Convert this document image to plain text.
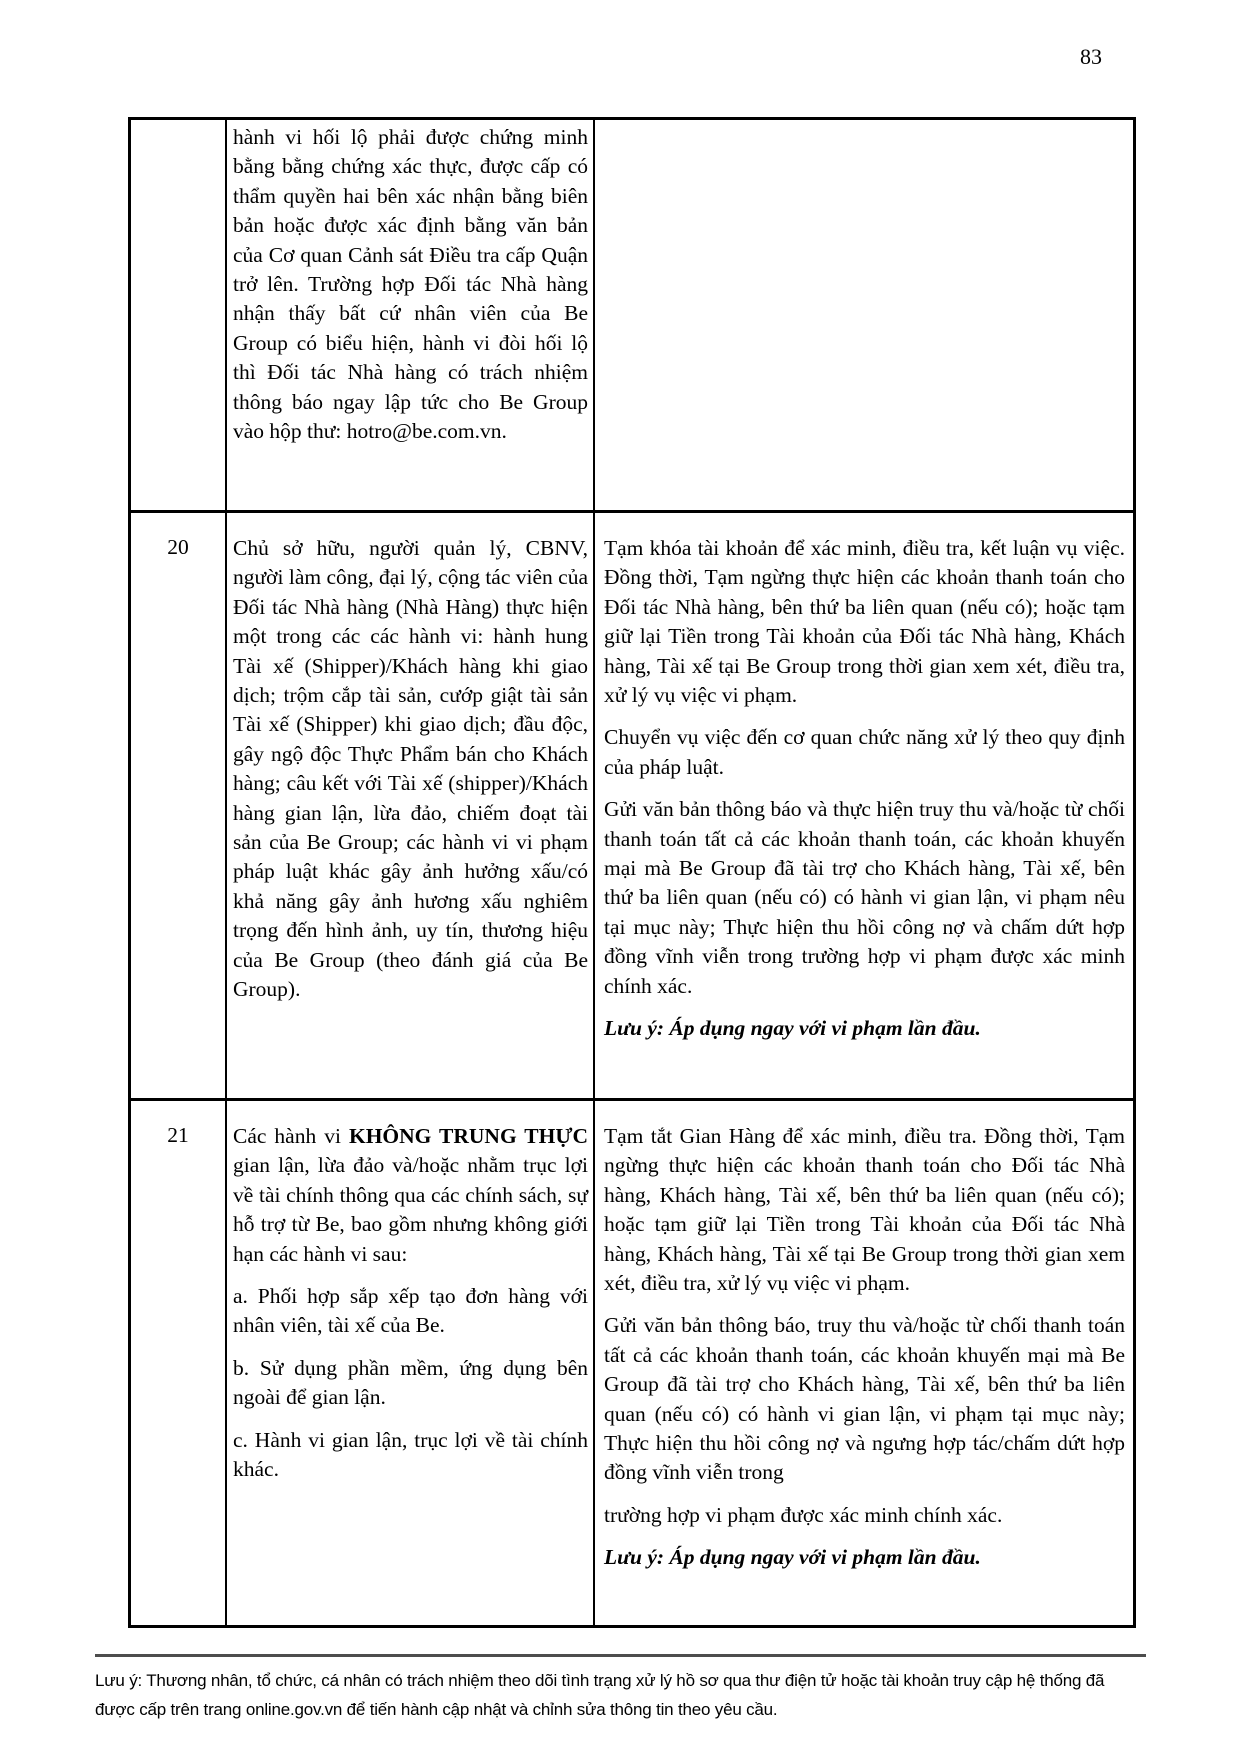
83

hành vi hối lộ phải được chứng minh bằng bằng chứng xác thực, được cấp có thẩm quyền hai bên xác nhận bằng biên bản hoặc được xác định bằng văn bản của Cơ quan Cảnh sát Điều tra cấp Quận trở lên. Trường hợp Đối tác Nhà hàng nhận thấy bất cứ nhân viên của Be Group có biểu hiện, hành vi đòi hối lộ thì Đối tác Nhà hàng có trách nhiệm thông báo ngay lập tức cho Be Group vào hộp thư: hotro@be.com.vn.

20	Chủ sở hữu, người quản lý, CBNV, người làm công, đại lý, cộng tác viên của Đối tác Nhà hàng (Nhà Hàng) thực hiện một trong các các hành vi: hành hung Tài xế (Shipper)/Khách hàng khi giao dịch; trộm cắp tài sản, cướp giật tài sản Tài xế (Shipper) khi giao dịch; đầu độc, gây ngộ độc Thực Phẩm bán cho Khách hàng; câu kết với Tài xế (shipper)/Khách hàng gian lận, lừa đảo, chiếm đoạt tài sản của Be Group; các hành vi vi phạm pháp luật khác gây ảnh hưởng xấu/có khả năng gây ảnh hương xấu nghiêm trọng đến hình ảnh, uy tín, thương hiệu của Be Group (theo đánh giá của Be Group).

Tạm khóa tài khoản để xác minh, điều tra, kết luận vụ việc. Đồng thời, Tạm ngừng thực hiện các khoản thanh toán cho Đối tác Nhà hàng, bên thứ ba liên quan (nếu có); hoặc tạm giữ lại Tiền trong Tài khoản của Đối tác Nhà hàng, Khách hàng, Tài xế tại Be Group trong thời gian xem xét, điều tra, xử lý vụ việc vi phạm.

Chuyển vụ việc đến cơ quan chức năng xử lý theo quy định của pháp luật.

Gửi văn bản thông báo và thực hiện truy thu và/hoặc từ chối thanh toán tất cả các khoản thanh toán, các khoản khuyến mại mà Be Group đã tài trợ cho Khách hàng, Tài xế, bên thứ ba liên quan (nếu có) có hành vi gian lận, vi phạm nêu tại mục này; Thực hiện thu hồi công nợ và chấm dứt hợp đồng vĩnh viễn trong trường hợp vi phạm được xác minh chính xác.

Lưu ý: Áp dụng ngay với vi phạm lần đầu.

21	Các hành vi KHÔNG TRUNG THỰC gian lận, lừa đảo và/hoặc nhằm trục lợi về tài chính thông qua các chính sách, sự hỗ trợ từ Be, bao gồm nhưng không giới hạn các hành vi sau:

a. Phối hợp sắp xếp tạo đơn hàng với nhân viên, tài xế của Be.

b. Sử dụng phần mềm, ứng dụng bên ngoài để gian lận.

c. Hành vi gian lận, trục lợi về tài chính khác.

Tạm tắt Gian Hàng để xác minh, điều tra. Đồng thời, Tạm ngừng thực hiện các khoản thanh toán cho Đối tác Nhà hàng, Khách hàng, Tài xế, bên thứ ba liên quan (nếu có); hoặc tạm giữ lại Tiền trong Tài khoản của Đối tác Nhà hàng, Khách hàng, Tài xế tại Be Group trong thời gian xem xét, điều tra, xử lý vụ việc vi phạm.

Gửi văn bản thông báo, truy thu và/hoặc từ chối thanh toán tất cả các khoản thanh toán, các khoản khuyến mại mà Be Group đã tài trợ cho Khách hàng, Tài xế, bên thứ ba liên quan (nếu có) có hành vi gian lận, vi phạm tại mục này; Thực hiện thu hồi công nợ và ngưng hợp tác/chấm dứt hợp đồng vĩnh viễn trong

trường hợp vi phạm được xác minh chính xác.

Lưu ý: Áp dụng ngay với vi phạm lần đầu.

Lưu ý: Thương nhân, tổ chức, cá nhân có trách nhiệm theo dõi tình trạng xử lý hồ sơ qua thư điện tử hoặc tài khoản truy cập hệ thống đã được cấp trên trang online.gov.vn để tiến hành cập nhật và chỉnh sửa thông tin theo yêu cầu.
